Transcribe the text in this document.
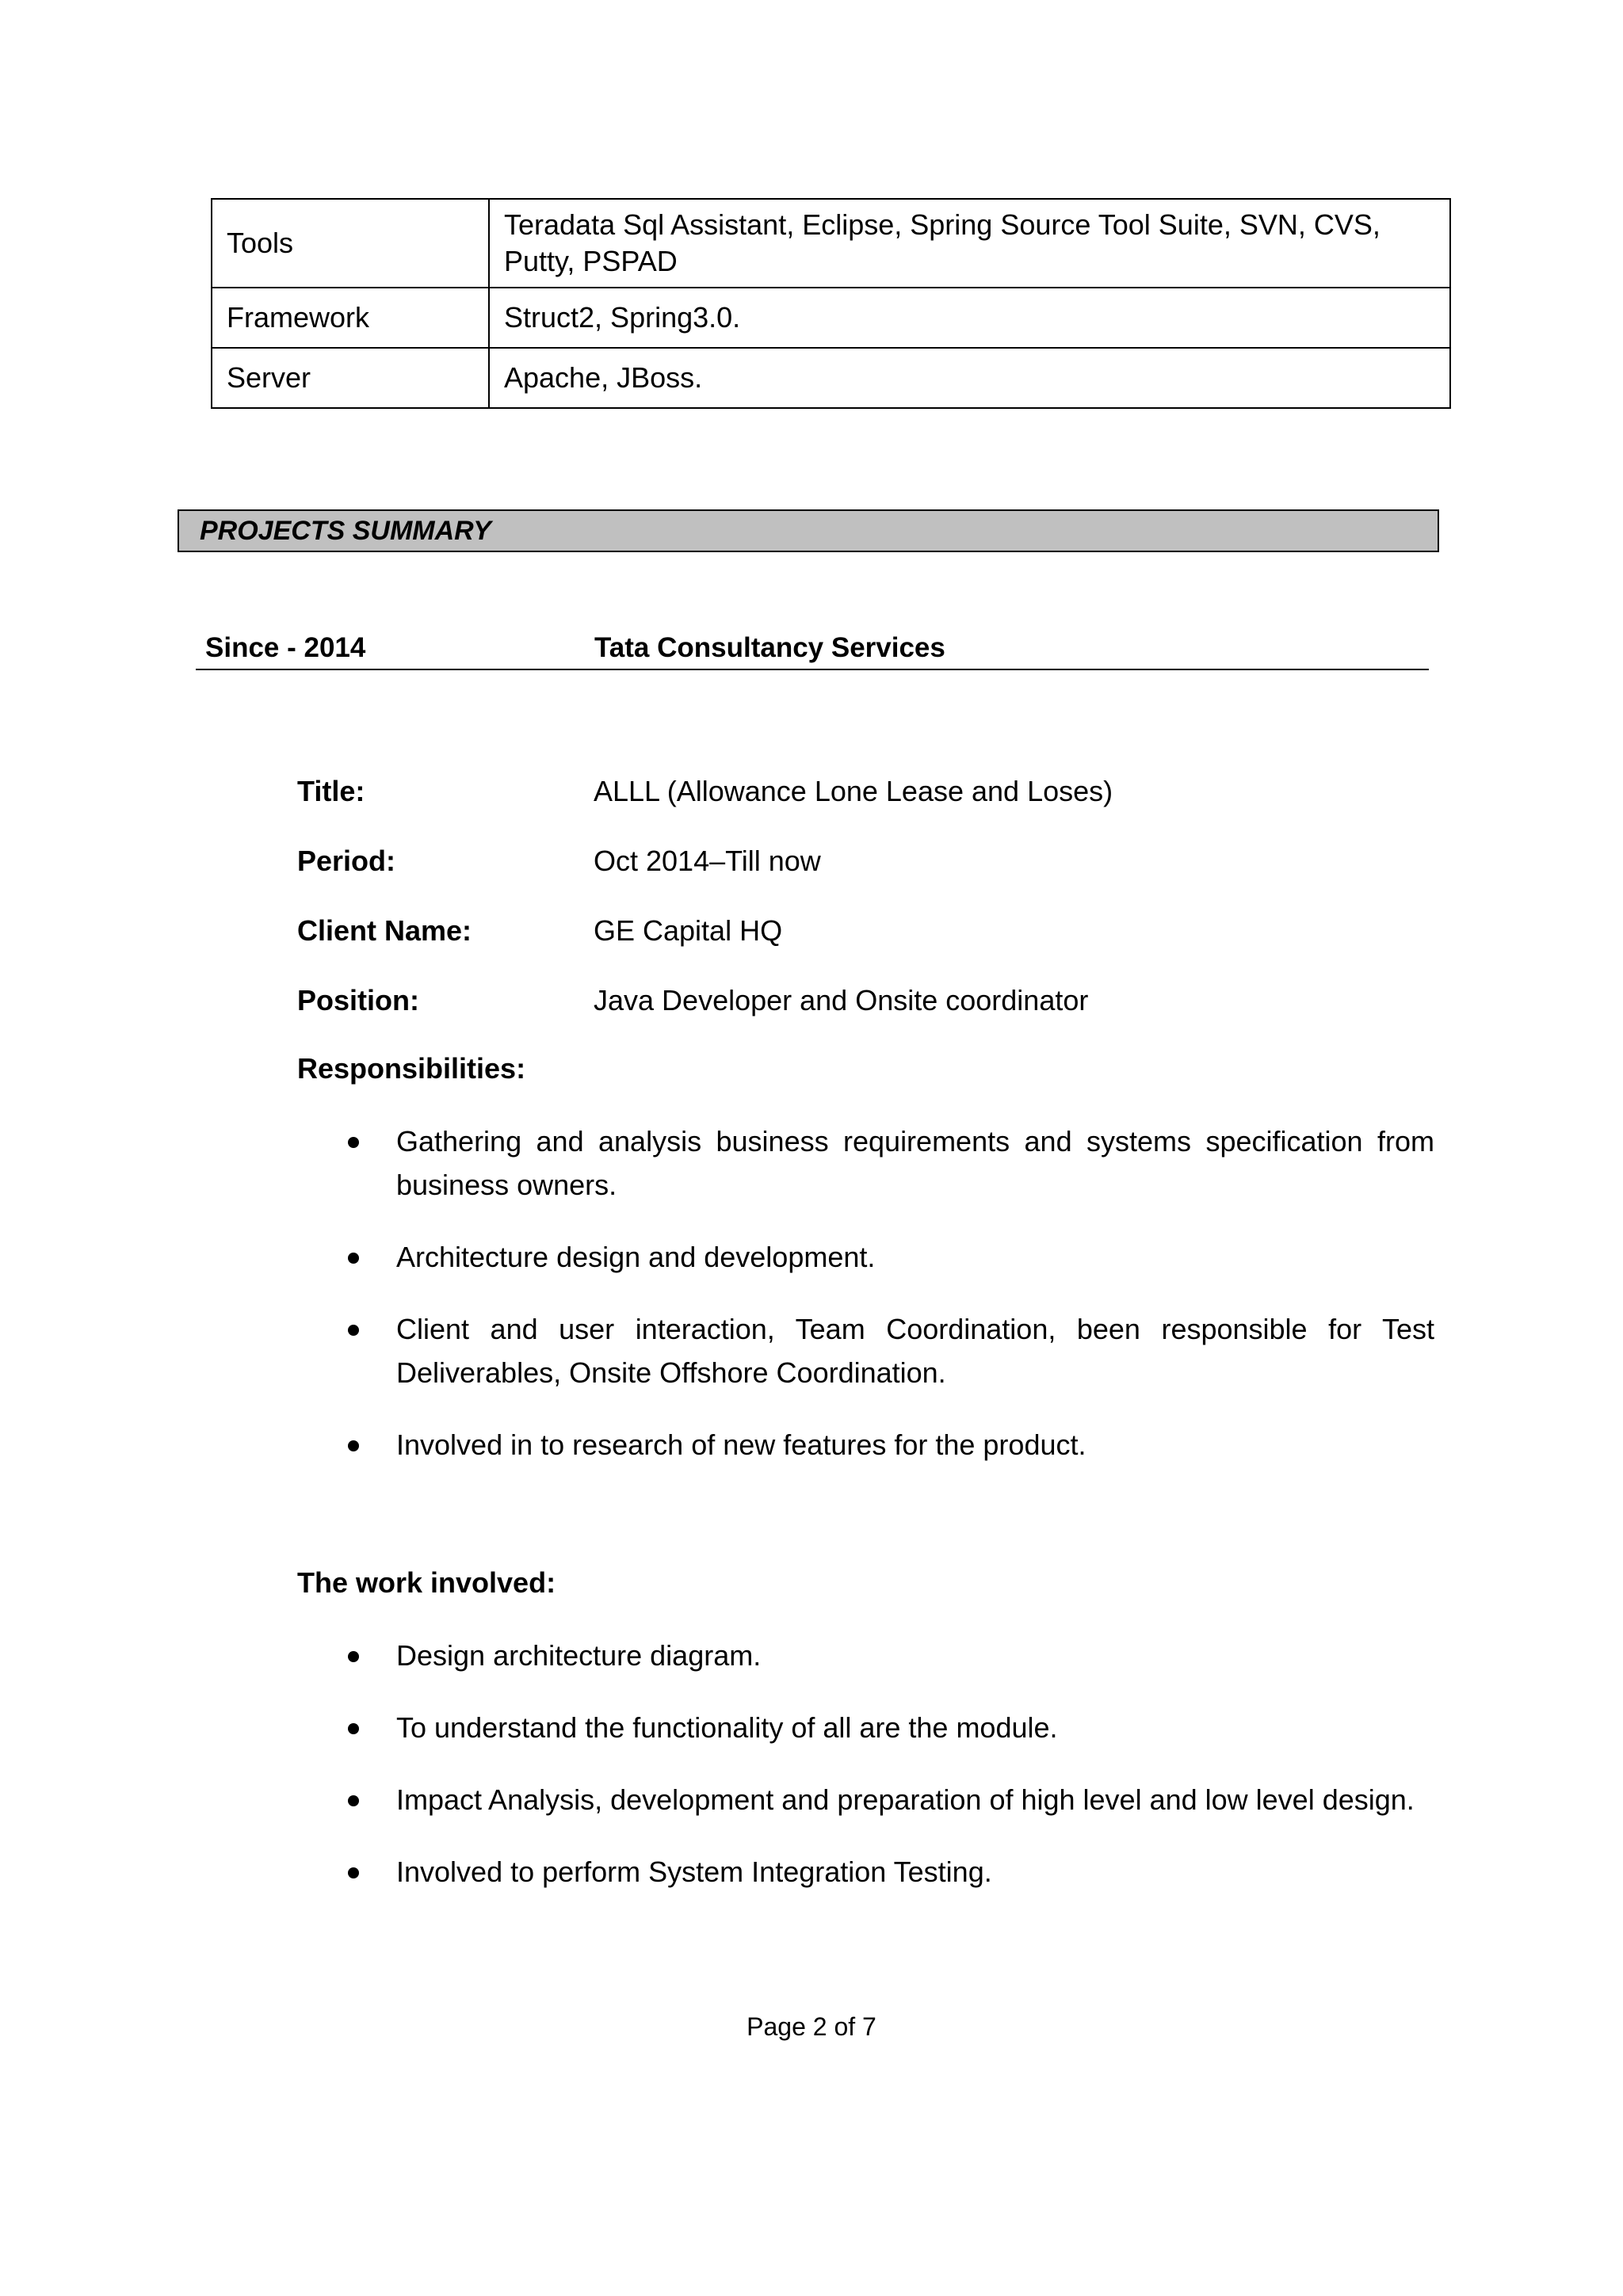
Tools	Teradata Sql Assistant, Eclipse, Spring Source Tool Suite, SVN, CVS, Putty, PSPAD
Framework	Struct2, Spring3.0.
Server	Apache, JBoss.
PROJECTS SUMMARY
Since - 2014	Tata Consultancy Services
Title:	ALLL (Allowance Lone Lease and Loses)
Period:	Oct 2014–Till now
Client Name:	GE Capital HQ
Position:	Java Developer and Onsite coordinator
Responsibilities:
Gathering and analysis business requirements and systems specification from business owners.
Architecture design and development.
Client and user interaction, Team Coordination, been responsible for Test Deliverables, Onsite Offshore Coordination.
Involved in to research of new features for the product.
The work involved:
Design architecture diagram.
To understand the functionality of all are the module.
Impact Analysis, development and preparation of high level and low level design.
Involved to perform System Integration Testing.
Page 2 of 7
